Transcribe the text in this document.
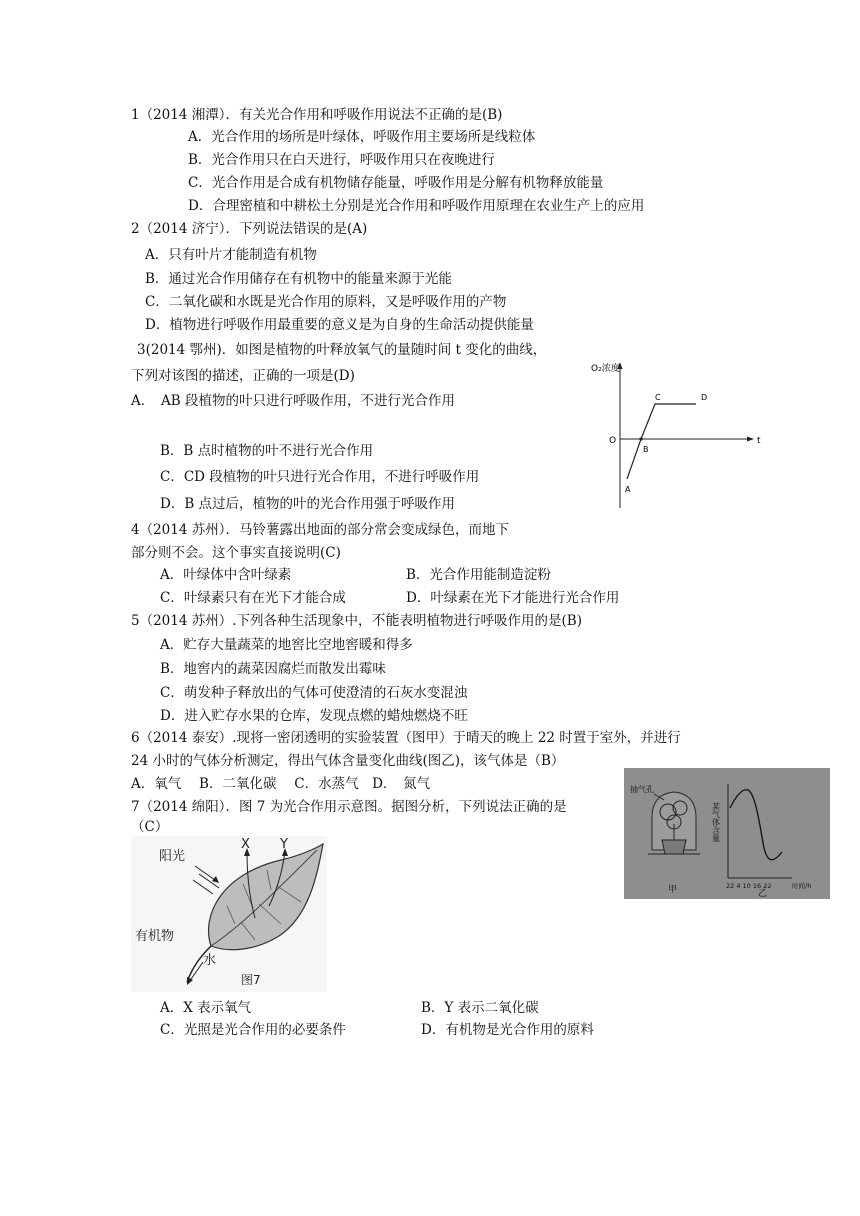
1（2014 湘潭）．有关光合作用和呼吸作用说法不正确的是(B)
A．光合作用的场所是叶绿体，呼吸作用主要场所是线粒体
B．光合作用只在白天进行，呼吸作用只在夜晚进行
C．光合作用是合成有机物储存能量，呼吸作用是分解有机物释放能量
D．合理密植和中耕松土分别是光合作用和呼吸作用原理在农业生产上的应用
2（2014 济宁）．下列说法错误的是(A)
A．只有叶片才能制造有机物
B．通过光合作用储存在有机物中的能量来源于光能
C．二氧化碳和水既是光合作用的原料，又是呼吸作用的产物
D．植物进行呼吸作用最重要的意义是为自身的生命活动提供能量
3(2014 鄂州)．如图是植物的叶释放氧气的量随时间 t 变化的曲线，
下列对该图的描述，正确的一项是(D)
A．　AB 段植物的叶只进行呼吸作用，不进行光合作用
B．B 点时植物的叶不进行光合作用
C．CD 段植物的叶只进行光合作用，不进行呼吸作用
D．B 点过后，植物的叶的光合作用强于呼吸作用
O₂浓度
t
O
A
B
C	D
4（2014 苏州）．马铃薯露出地面的部分常会变成绿色，而地下
部分则不会。这个事实直接说明(C)
A．叶绿体中含叶绿素	B．光合作用能制造淀粉
C．叶绿素只有在光下才能合成	D．叶绿素在光下才能进行光合作用
5（2014 苏州）.下列各种生活现象中，不能表明植物进行呼吸作用的是(B)
A．贮存大量蔬菜的地窖比空地窖暖和得多
B．地窖内的蔬菜因腐烂而散发出霉味
C．萌发种子释放出的气体可使澄清的石灰水变混浊
D．进入贮存水果的仓库，发现点燃的蜡烛燃烧不旺
6（2014 泰安）.现将一密闭透明的实验装置（图甲）于晴天的晚上 22 时置于室外，并进行
24 小时的气体分析测定，得出气体含量变化曲线(图乙)，该气体是（B）
A．氧气　 B．二氧化碳　 C．水蒸气　D．　氮气	抽气孔
某气体含量
22 4 10 16 22	时间/h
甲	乙
7（2014 绵阳）．图 7 为光合作用示意图。据图分析，下列说法正确的是
（C）
阳光
X Y
有机物
水
图7
A．X 表示氧气	B．Y 表示二氧化碳
C．光照是光合作用的必要条件	D．有机物是光合作用的原料
